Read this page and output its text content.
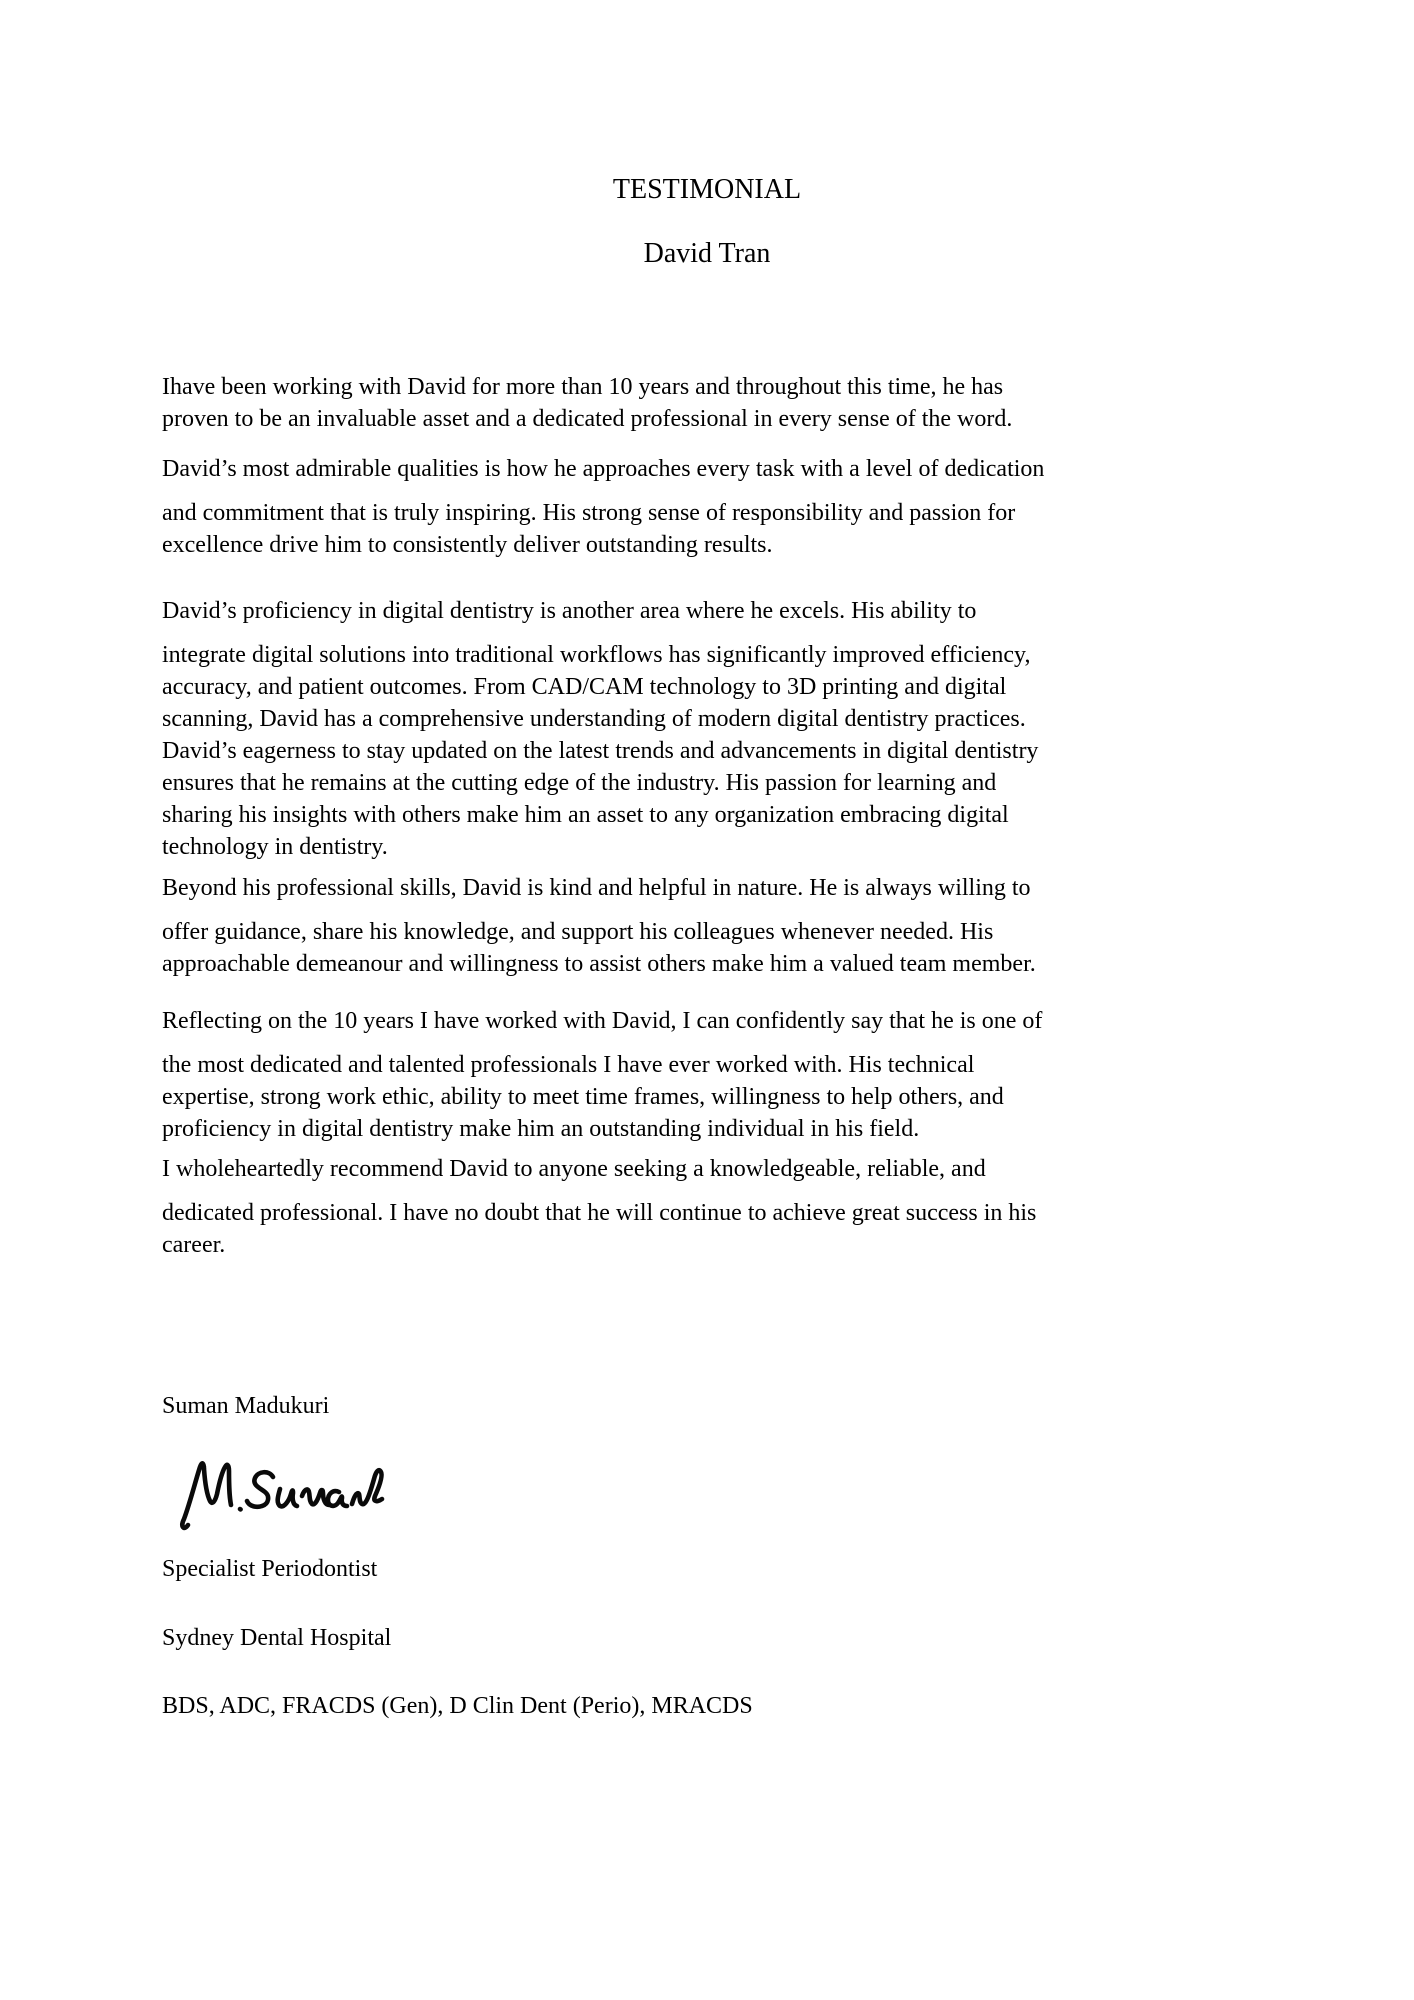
TESTIMONIAL
David Tran
Ihave been working with David for more than 10 years and throughout this time, he has
proven to be an invaluable asset and a dedicated professional in every sense of the word.
David’s most admirable qualities is how he approaches every task with a level of dedication
and commitment that is truly inspiring. His strong sense of responsibility and passion for
excellence drive him to consistently deliver outstanding results.
David’s proficiency in digital dentistry is another area where he excels. His ability to
integrate digital solutions into traditional workflows has significantly improved efficiency,
accuracy, and patient outcomes. From CAD/CAM technology to 3D printing and digital
scanning, David has a comprehensive understanding of modern digital dentistry practices.
David’s eagerness to stay updated on the latest trends and advancements in digital dentistry
ensures that he remains at the cutting edge of the industry. His passion for learning and
sharing his insights with others make him an asset to any organization embracing digital
technology in dentistry.
Beyond his professional skills, David is kind and helpful in nature. He is always willing to
offer guidance, share his knowledge, and support his colleagues whenever needed. His
approachable demeanour and willingness to assist others make him a valued team member.
Reflecting on the 10 years I have worked with David, I can confidently say that he is one of
the most dedicated and talented professionals I have ever worked with. His technical
expertise, strong work ethic, ability to meet time frames, willingness to help others, and
proficiency in digital dentistry make him an outstanding individual in his field.
I wholeheartedly recommend David to anyone seeking a knowledgeable, reliable, and
dedicated professional. I have no doubt that he will continue to achieve great success in his
career.
Suman Madukuri
Specialist Periodontist
Sydney Dental Hospital
BDS, ADC, FRACDS (Gen), D Clin Dent (Perio), MRACDS
